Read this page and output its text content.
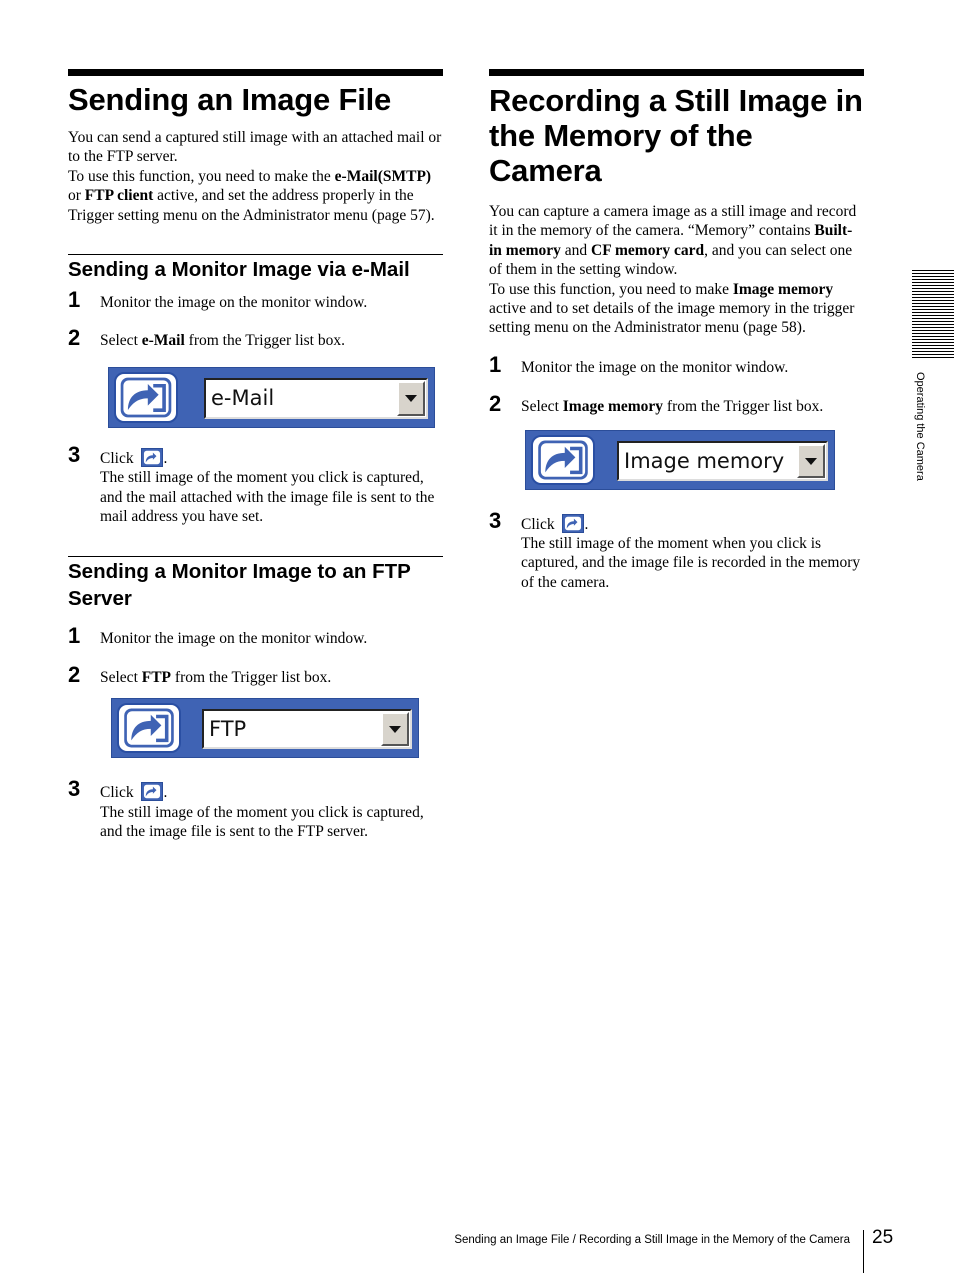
Sending an Image File

You can send a captured still image with an attached mail or to the FTP server.
To use this function, you need to make the e-Mail(SMTP) or FTP client active, and set the address properly in the Trigger setting menu on the Administrator menu (page 57).

Sending a Monitor Image via e-Mail
1 Monitor the image on the monitor window.

2 Select e-Mail from the Trigger list box.

e-Mail
3 Click
.
The still image of the moment you click is captured, and the mail attached with the image file is sent to the mail address you have set.

Sending a Monitor Image to an FTP Server
1 Monitor the image on the monitor window.

2 Select FTP from the Trigger list box.

FTP
3 Click
.
The still image of the moment you click is captured, and the image file is sent to the FTP server.

Recording a Still Image in the Memory of the Camera

You can capture a camera image as a still image and record it in the memory of the camera. “Memory” contains Built-in memory and CF memory card, and you can select one of them in the setting window.
To use this function, you need to make Image memory active and to set details of the image memory in the trigger setting menu on the Administrator menu (page 58).

1 Monitor the image on the monitor window.

2 Select Image memory from the Trigger list box.

Image memory
3 Click
.
The still image of the moment when you click is captured, and the image file is recorded in the memory of the camera.

Operating the Camera
Sending an Image File / Recording a Still Image in the Memory of the Camera 25
